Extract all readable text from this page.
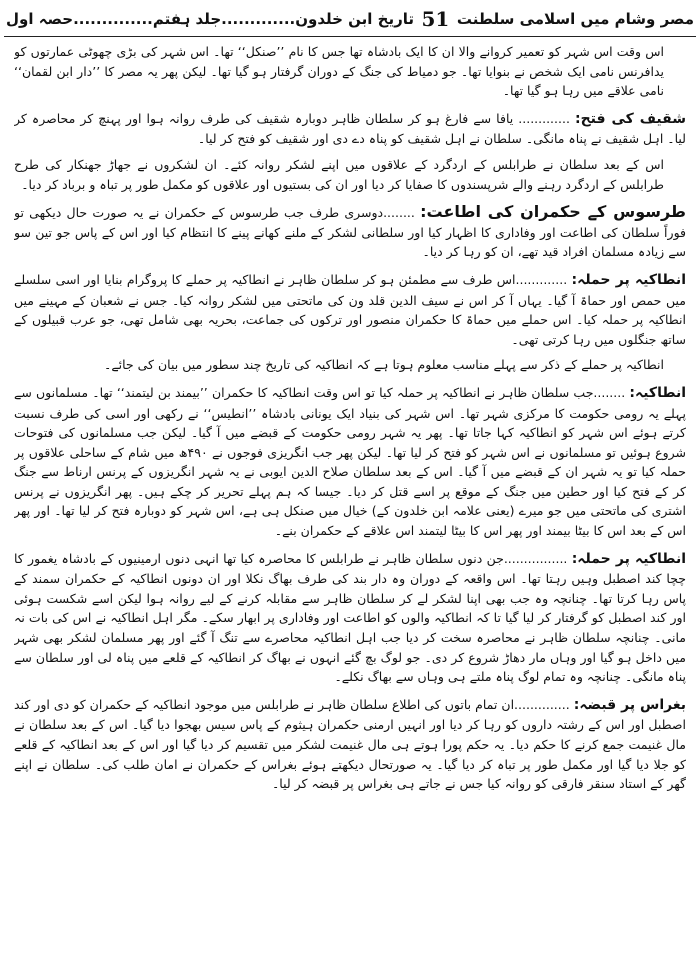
تاریخ ابن خلدون.............جلد ہفتم..............حصہ اول 51 مصر وشام میں اسلامی سلطنت

اس وقت اس شہر کو تعمیر کروانے والا ان کا ایک بادشاہ تھا جس کا نام ’’صنکل‘‘ تھا۔ اس شہر کی بڑی چھوٹی عمارتوں کو یدافرنس نامی ایک شخص نے بنوایا تھا۔ جو دمیاط کی جنگ کے دوران گرفتار ہو گیا تھا۔ لیکن پھر یہ مصر کا ’’دار ابن لقمان‘‘ نامی علاقے میں رہا ہو گیا تھا۔

شقیف کی فتح: ............. یافا سے فارغ ہو کر سلطان ظاہر دوبارہ شقیف کی طرف روانہ ہوا اور پہنچ کر محاصرہ کر لیا۔ اہل شقیف نے پناہ مانگی۔ سلطان نے اہل شقیف کو پناہ دے دی اور شقیف کو فتح کر لیا۔

اس کے بعد سلطان نے طرابلس کے اردگرد کے علاقوں میں اپنے لشکر روانہ کئے۔ ان لشکروں نے جھاڑ جھنکار کی طرح طرابلس کے اردگرد رہنے والے شرپسندوں کا صفایا کر دیا اور ان کی بستیوں اور علاقوں کو مکمل طور پر تباہ و برباد کر دیا۔

طرسوس کے حکمران کی اطاعت: ........دوسری طرف جب طرسوس کے حکمران نے یہ صورت حال دیکھی تو فوراً سلطان کی اطاعت اور وفاداری کا اظہار کیا اور سلطانی لشکر کے ملنے کھانے پینے کا انتظام کیا اور اس کے پاس جو تین سو سے زیادہ مسلمان افراد قید تھے، ان کو رہا کر دیا۔

انطاکیہ پر حملہ: .............اس طرف سے مطمئن ہو کر سلطان ظاہر نے انطاکیہ پر حملے کا پروگرام بنایا اور اسی سلسلے میں حمص اور حماۃ آ گیا۔ یہاں آ کر اس نے سیف الدین قلد ون کی ماتحتی میں لشکر روانہ کیا۔ جس نے شعبان کے مہینے میں انطاکیہ پر حملہ کیا۔ اس حملے میں حماۃ کا حکمران منصور اور ترکوں کی جماعت، بحریہ بھی شامل تھی، جو عرب قبیلوں کے ساتھ جنگلوں میں رہا کرتی تھی۔

انطاکیہ پر حملے کے ذکر سے پہلے مناسب معلوم ہوتا ہے کہ انطاکیہ کی تاریخ چند سطور میں بیان کی جائے۔

انطاکیہ: ........جب سلطان ظاہر نے انطاکیہ پر حملہ کیا تو اس وقت انطاکیہ کا حکمران ’’بیمند بن لیتمند‘‘ تھا۔ مسلمانوں سے پہلے یہ رومی حکومت کا مرکزی شہر تھا۔ اس شہر کی بنیاد ایک یونانی بادشاہ ’’انطیس‘‘ نے رکھی اور اسی کی طرف نسبت کرتے ہوئے اس شہر کو انطاکیہ کہا جاتا تھا۔ پھر یہ شہر رومی حکومت کے قبضے میں آ گیا۔ لیکن جب مسلمانوں کی فتوحات شروع ہوئیں تو مسلمانوں نے اس شہر کو فتح کر لیا تھا۔ لیکن پھر جب انگریزی فوجوں نے ۴۹۰ھ میں شام کے ساحلی علاقوں پر حملہ کیا تو یہ شہر ان کے قبضے میں آ گیا۔ اس کے بعد سلطان صلاح الدین ایوبی نے یہ شہر انگریزوں کے پرنس ارناط سے جنگ کر کے فتح کیا اور حطین میں جنگ کے موقع پر اسے قتل کر دیا۔ جیسا کہ ہم پہلے تحریر کر چکے ہیں۔ پھر انگریزوں نے پرنس اشتری کی ماتحتی میں جو میرے (یعنی علامہ ابن خلدون کے) خیال میں صنکل ہی ہے، اس شہر کو دوبارہ فتح کر لیا تھا۔ اور پھر اس کے بعد اس کا بیٹا بیمند اور پھر اس کا بیٹا لیتمند اس علاقے کے حکمران بنے۔

انطاکیہ پر حملہ: ................جن دنوں سلطان ظاہر نے طرابلس کا محاصرہ کیا تھا انہی دنوں ارمینیوں کے بادشاہ یغمور کا چچا کند اصطبل وہیں رہتا تھا۔ اس واقعہ کے دوران وہ دار بند کی طرف بھاگ نکلا اور ان دونوں انطاکیہ کے حکمران سمند کے پاس رہا کرتا تھا۔ چنانچہ وہ جب بھی اپنا لشکر لے کر سلطان ظاہر سے مقابلہ کرنے کے لیے روانہ ہوا لیکن اسے شکست ہوئی اور کند اصطبل کو گرفتار کر لیا گیا تا کہ انطاکیہ والوں کو اطاعت اور وفاداری پر ابھار سکے۔ مگر اہل انطاکیہ نے اس کی بات نہ مانی۔ چنانچہ سلطان ظاہر نے محاصرہ سخت کر دیا جب اہل انطاکیہ محاصرے سے تنگ آ گئے اور پھر مسلمان لشکر بھی شہر میں داخل ہو گیا اور وہاں مار دھاڑ شروع کر دی۔ جو لوگ بچ گئے انہوں نے بھاگ کر انطاکیہ کے قلعے میں پناہ لی اور سلطان سے پناہ مانگی۔ چنانچہ وہ تمام لوگ پناہ ملتے ہی وہاں سے بھاگ نکلے۔

بغراس پر قبضہ: ..............ان تمام باتوں کی اطلاع سلطان ظاہر نے طرابلس میں موجود انطاکیہ کے حکمران کو دی اور کند اصطبل اور اس کے رشتہ داروں کو رہا کر دیا اور انہیں ارمنی حکمران ہیثوم کے پاس سیس بھجوا دیا گیا۔ اس کے بعد سلطان نے مال غنیمت جمع کرنے کا حکم دیا۔ یہ حکم پورا ہوتے ہی مال غنیمت لشکر میں تقسیم کر دیا گیا اور اس کے بعد انطاکیہ کے قلعے کو جلا دیا گیا اور مکمل طور پر تباہ کر دیا گیا۔ یہ صورتحال دیکھتے ہوئے بغراس کے حکمران نے امان طلب کی۔ سلطان نے اپنے گھر کے استاد سنقر فارقی کو روانہ کیا جس نے جاتے ہی بغراس پر قبضہ کر لیا۔
